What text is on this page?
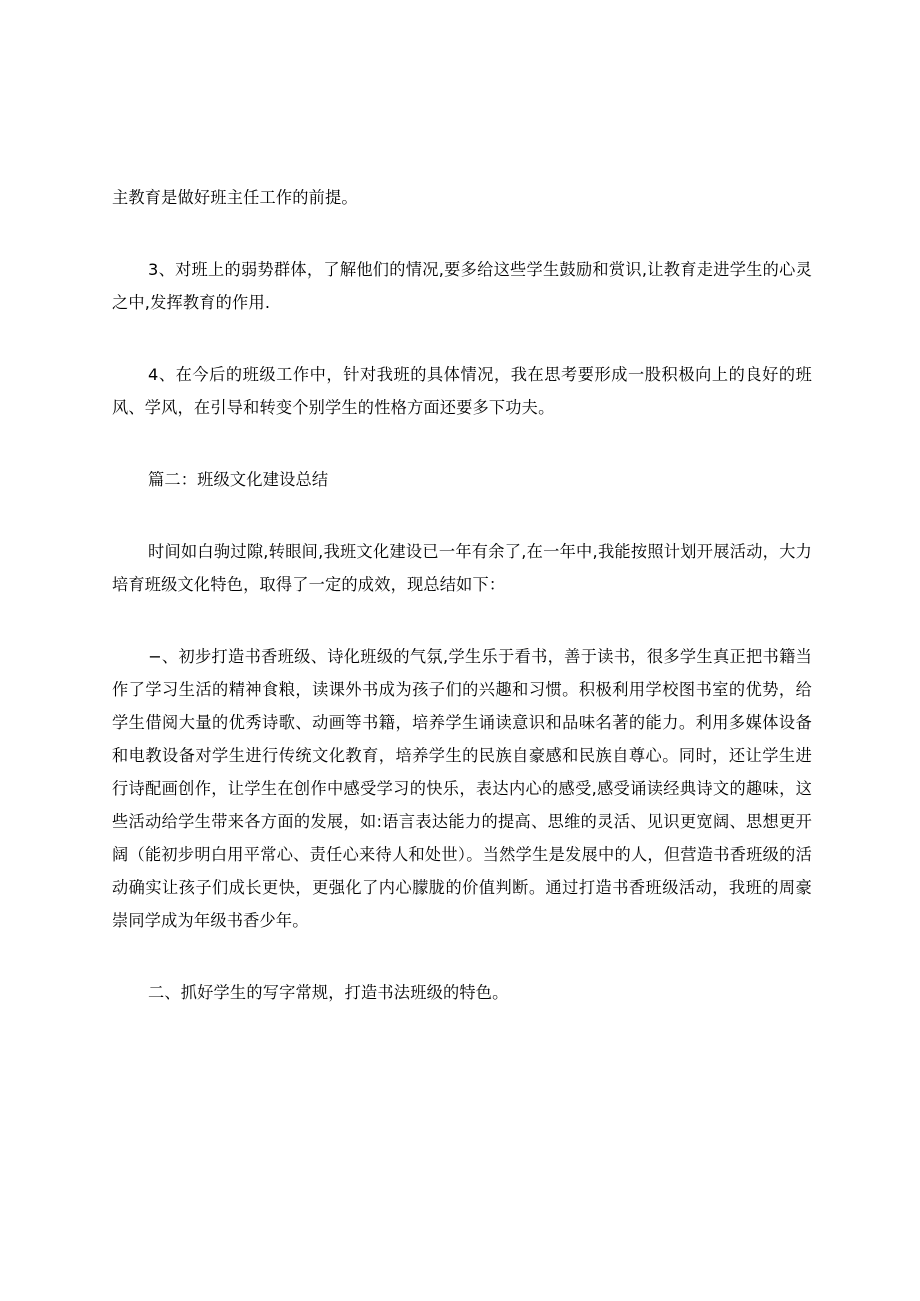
主教育是做好班主任工作的前提。

3、对班上的弱势群体，了解他们的情况,要多给这些学生鼓励和赏识,让教育走进学生的心灵之中,发挥教育的作用.

4、在今后的班级工作中，针对我班的具体情况，我在思考要形成一股积极向上的良好的班风、学风，在引导和转变个别学生的性格方面还要多下功夫。

篇二：班级文化建设总结

时间如白驹过隙,转眼间,我班文化建设已一年有余了,在一年中,我能按照计划开展活动，大力培育班级文化特色，取得了一定的成效，现总结如下：

−、初步打造书香班级、诗化班级的气氛,学生乐于看书，善于读书，很多学生真正把书籍当作了学习生活的精神食粮，读课外书成为孩子们的兴趣和习惯。积极利用学校图书室的优势，给学生借阅大量的优秀诗歌、动画等书籍，培养学生诵读意识和品味名著的能力。利用多媒体设备和电教设备对学生进行传统文化教育，培养学生的民族自豪感和民族自尊心。同时，还让学生进行诗配画创作，让学生在创作中感受学习的快乐，表达内心的感受,感受诵读经典诗文的趣味，这些活动给学生带来各方面的发展，如:语言表达能力的提高、思维的灵活、见识更宽阔、思想更开阔（能初步明白用平常心、责任心来待人和处世）。当然学生是发展中的人，但营造书香班级的活动确实让孩子们成长更快，更强化了内心朦胧的价值判断。通过打造书香班级活动，我班的周豪崇同学成为年级书香少年。

二、抓好学生的写字常规，打造书法班级的特色。
